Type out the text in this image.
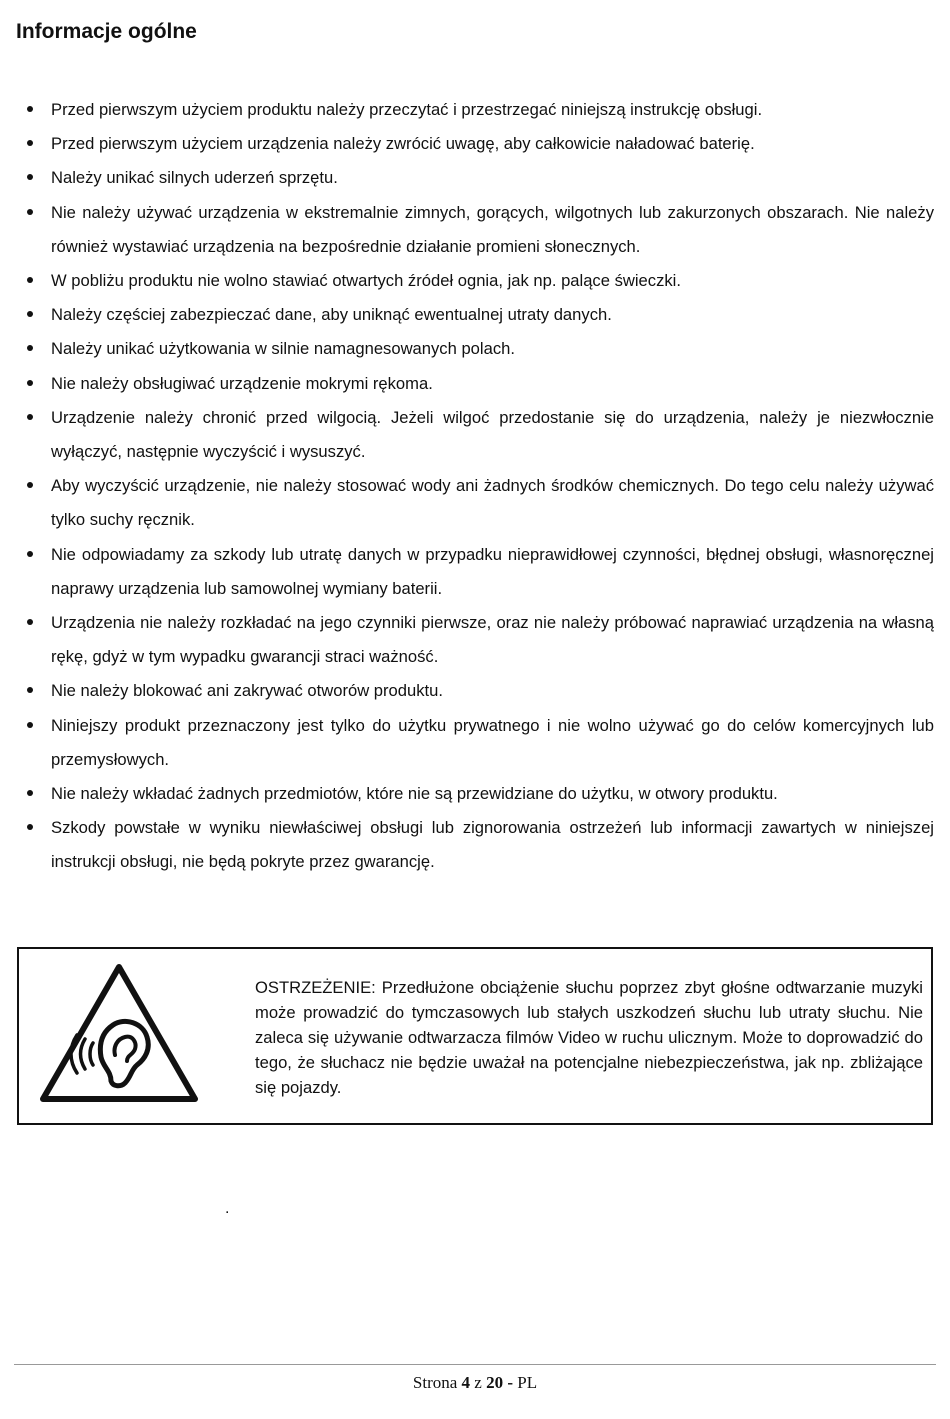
Informacje ogólne
Przed pierwszym użyciem produktu należy przeczytać i przestrzegać niniejszą instrukcję obsługi.
Przed pierwszym użyciem urządzenia należy zwrócić uwagę, aby całkowicie naładować baterię.
Należy unikać silnych uderzeń sprzętu.
Nie należy używać urządzenia w ekstremalnie zimnych, gorących, wilgotnych lub zakurzonych obszarach. Nie należy również wystawiać urządzenia na bezpośrednie działanie promieni słonecznych.
W pobliżu produktu nie wolno stawiać otwartych źródeł ognia, jak np. palące świeczki.
Należy częściej zabezpieczać dane, aby uniknąć ewentualnej utraty danych.
Należy unikać użytkowania w silnie namagnesowanych polach.
Nie należy obsługiwać urządzenie mokrymi rękoma.
Urządzenie należy chronić przed wilgocią. Jeżeli wilgoć przedostanie się do urządzenia, należy je niezwłocznie wyłączyć, następnie wyczyścić i wysuszyć.
Aby wyczyścić urządzenie, nie należy stosować wody ani żadnych środków chemicznych. Do tego celu należy używać tylko suchy ręcznik.
Nie odpowiadamy za szkody lub utratę danych w przypadku nieprawidłowej czynności, błędnej obsługi, własnoręcznej naprawy urządzenia lub samowolnej wymiany baterii.
Urządzenia nie należy rozkładać na jego czynniki pierwsze, oraz nie należy próbować naprawiać urządzenia na własną rękę, gdyż w tym wypadku gwarancji straci ważność.
Nie należy blokować ani zakrywać otworów produktu.
Niniejszy produkt przeznaczony jest tylko do użytku prywatnego i nie wolno używać go do celów komercyjnych lub przemysłowych.
Nie należy wkładać żadnych przedmiotów, które nie są przewidziane do użytku, w otwory produktu.
Szkody powstałe w wyniku niewłaściwej obsługi lub zignorowania ostrzeżeń lub informacji zawartych w niniejszej instrukcji obsługi, nie będą pokryte przez gwarancję.

OSTRZEŻENIE: Przedłużone obciążenie słuchu poprzez zbyt głośne odtwarzanie muzyki może prowadzić do tymczasowych lub stałych uszkodzeń słuchu lub utraty słuchu. Nie zaleca się używanie odtwarzacza filmów Video w ruchu ulicznym. Może to doprowadzić do tego, że słuchacz nie będzie uważał na potencjalne niebezpieczeństwa, jak np. zbliżające się pojazdy.

.
Strona 4 z 20 - PL
